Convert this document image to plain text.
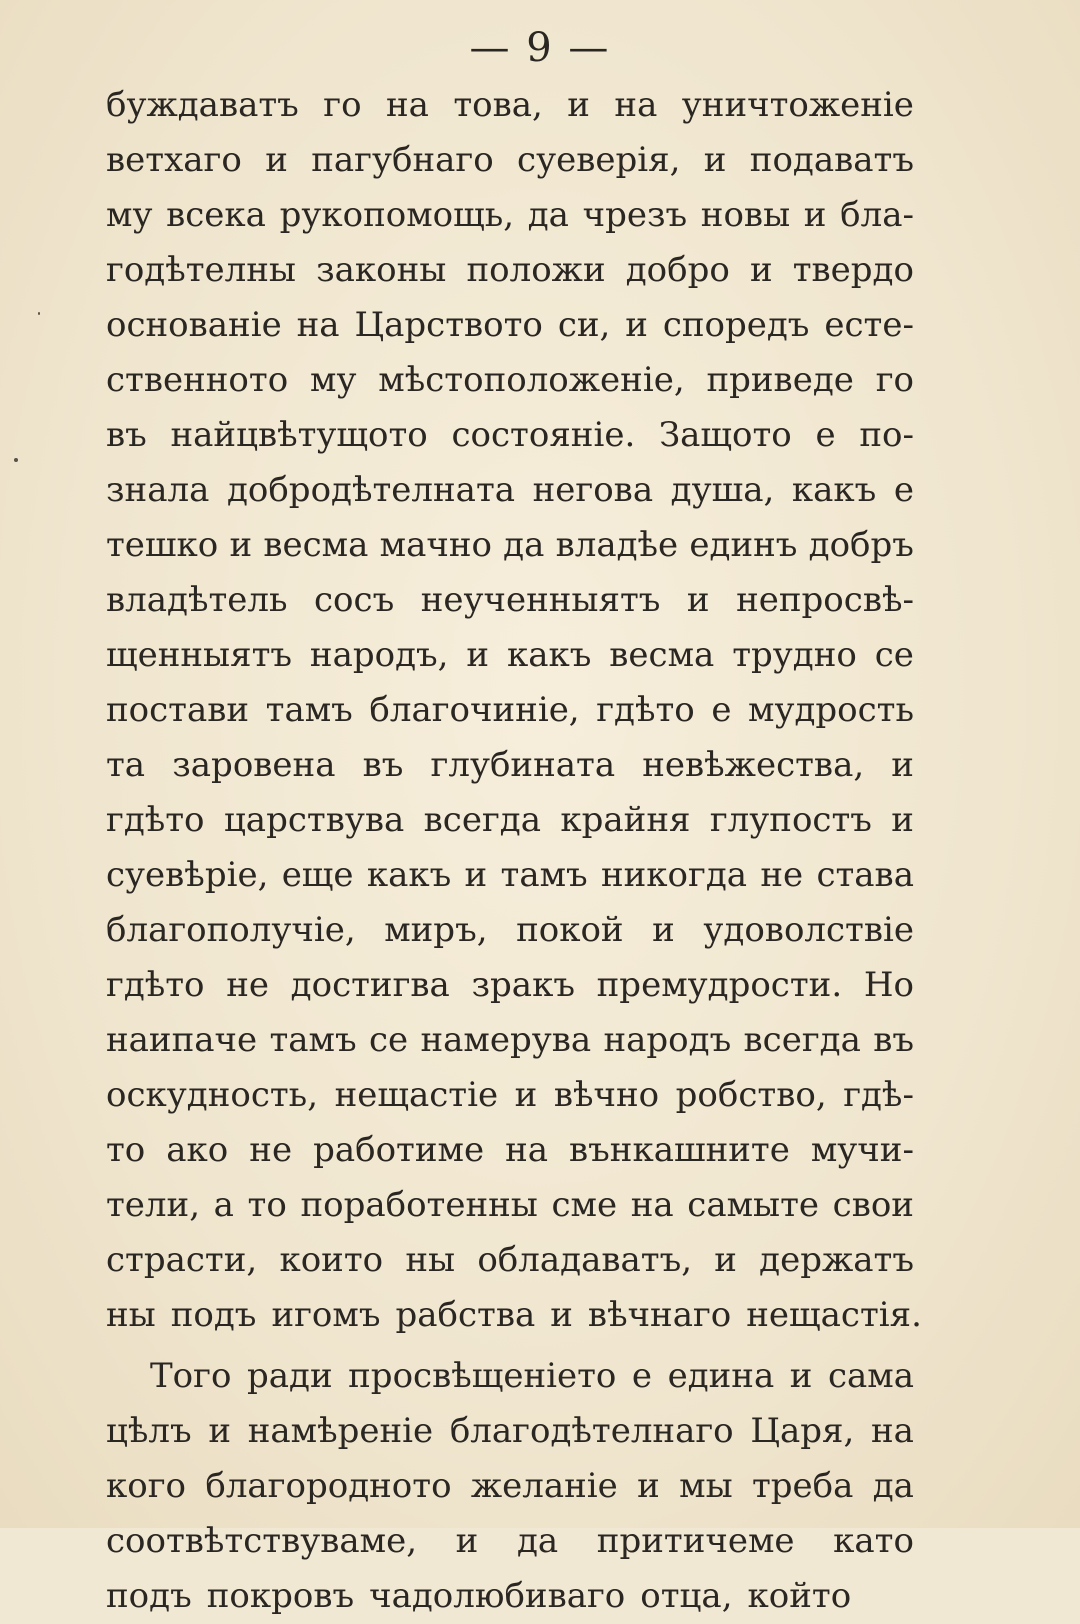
— 9 —
буждаватъ го на това, и на уничтоженіе
ветхаго и пагубнаго суеверія, и подаватъ
му всека рукопомощь, да чрезъ новы и бла-
годѣтелны законы положи добро и твердо
основаніе на Царството си, и споредъ есте-
ственното му мѣстоположеніе, приведе го
въ найцвѣтущото состояніе. Защото е по-
знала добродѣтелната негова душа, какъ е
тешко и весма мачно да владѣе единъ добръ
владѣтель сосъ неученныятъ и непросвѣ-
щенныятъ народъ, и какъ весма трудно се
постави тамъ благочиніе, гдѣто е мудрость
та заровена въ глубината невѣжества, и
гдѣто царствува всегда крайня глупостъ и
суевѣріе, еще какъ и тамъ никогда не става
благополучіе, миръ, покой и удоволствіе
гдѣто не достигва зракъ премудрости. Но
наипаче тамъ се намерува народъ всегда въ
оскудность, нещастіе и вѣчно робство, гдѣ-
то ако не работиме на вънкашните мучи-
тели, а то поработенны сме на самыте свои
страсти, които ны обладаватъ, и держатъ
ны подъ игомъ рабства и вѣчнаго нещастія.
Того ради просвѣщеніето е едина и сама
цѣлъ и намѣреніе благодѣтелнаго Царя, на
кого благородното желаніе и мы треба да
соотвѣтствуваме, и да притичеме като
подъ покровъ чадолюбиваго отца, който
